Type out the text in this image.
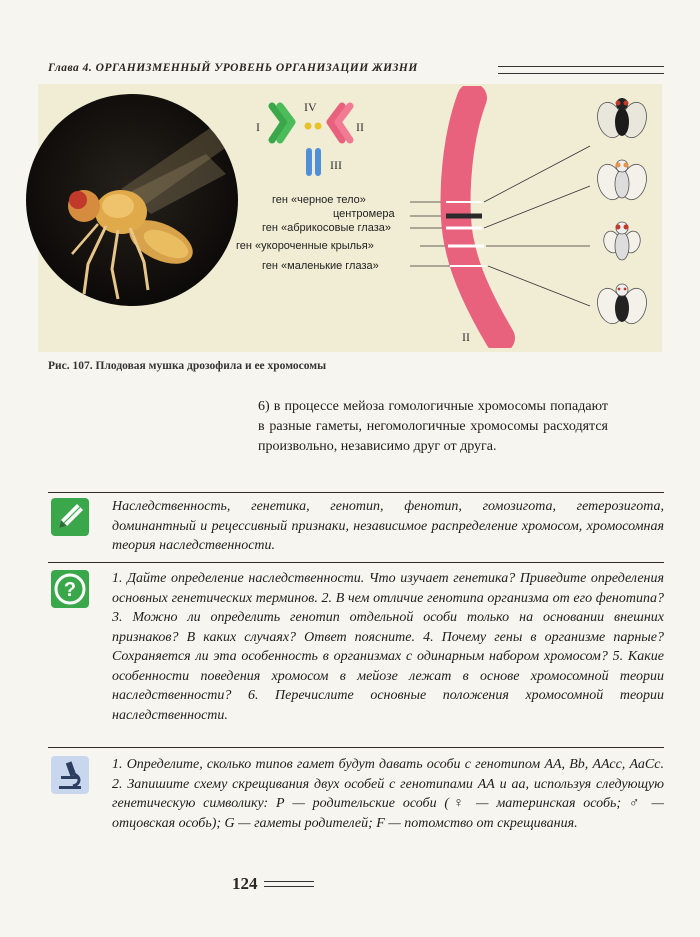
Глава 4. ОРГАНИЗМЕННЫЙ УРОВЕНЬ ОРГАНИЗАЦИИ ЖИЗНИ
I
IV
II
III
ген «черное тело»
центромера
ген «абрикосовые глаза»
ген «укороченные крылья»
ген «маленькие глаза»
II
Рис. 107. Плодовая мушка дрозофила и ее хромосомы
6) в процессе мейоза гомологичные хромосомы попадают в разные гаметы, негомологичные хромосомы расходятся произвольно, независимо друг от друга.
Наследственность, генетика, генотип, фенотип, гомозигота, гетерозигота, доминантный и рецессивный признаки, независимое распределение хромосом, хромосомная теория наследственности.
?
1. Дайте определение наследственности. Что изучает генетика? Приведите определения основных генетических терминов. 2. В чем отличие генотипа организма от его фенотипа? 3. Можно ли определить генотип отдельной особи только на основании внешних признаков? В каких случаях? Ответ поясните. 4. Почему гены в организме парные? Сохраняется ли эта особенность в организмах с одинарным набором хромосом? 5. Какие особенности поведения хромосом в мейозе лежат в основе хромосомной теории наследственности? 6. Перечислите основные положения хромосомной теории наследственности.
1. Определите, сколько типов гамет будут давать особи с генотипом АА, Вb, ААсс, АаСс. 2. Запишите схему скрещивания двух особей с генотипами АА и аа, используя следующую генетическую символику: Р — родительские особи (♀ — материнская особь; ♂ — отцовская особь); G — гаметы родителей; F — потомство от скрещивания.
124
